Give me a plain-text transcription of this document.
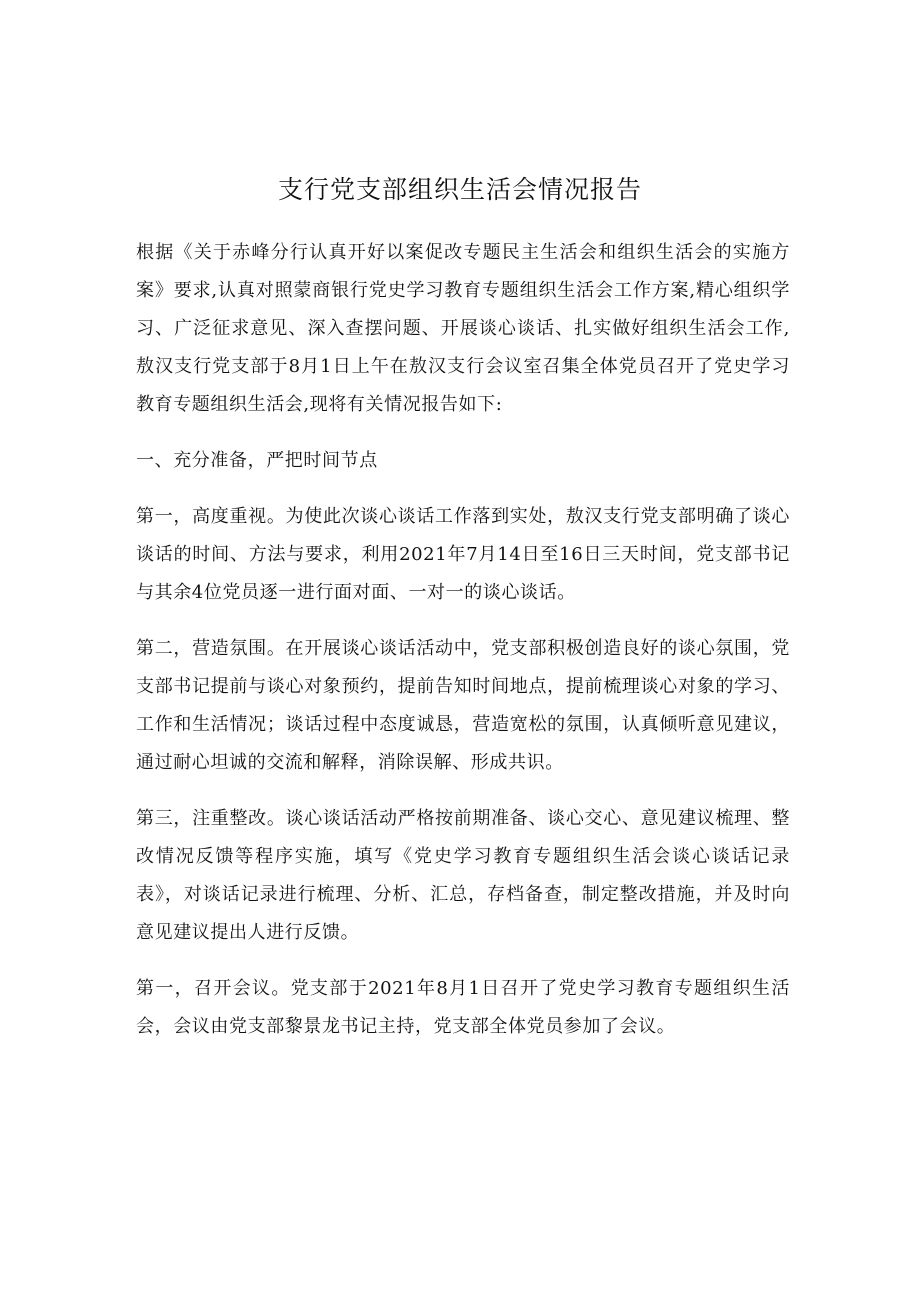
支行党支部组织生活会情况报告

根据《关于赤峰分行认真开好以案促改专题民主生活会和组织生活会的实施方案》要求,认真对照蒙商银行党史学习教育专题组织生活会工作方案,精心组织学习、广泛征求意见、深入查摆问题、开展谈心谈话、扎实做好组织生活会工作,敖汉支行党支部于8月1日上午在敖汉支行会议室召集全体党员召开了党史学习教育专题组织生活会,现将有关情况报告如下:

一、充分准备，严把时间节点

第一，高度重视。为使此次谈心谈话工作落到实处，敖汉支行党支部明确了谈心谈话的时间、方法与要求，利用2021年7月14日至16日三天时间，党支部书记与其余4位党员逐一进行面对面、一对一的谈心谈话。

第二，营造氛围。在开展谈心谈话活动中，党支部积极创造良好的谈心氛围，党支部书记提前与谈心对象预约，提前告知时间地点，提前梳理谈心对象的学习、工作和生活情况；谈话过程中态度诚恳，营造宽松的氛围，认真倾听意见建议，通过耐心坦诚的交流和解释，消除误解、形成共识。

第三，注重整改。谈心谈话活动严格按前期准备、谈心交心、意见建议梳理、整改情况反馈等程序实施，填写《党史学习教育专题组织生活会谈心谈话记录表》，对谈话记录进行梳理、分析、汇总，存档备查，制定整改措施，并及时向意见建议提出人进行反馈。

第一，召开会议。党支部于2021年8月1日召开了党史学习教育专题组织生活会，会议由党支部黎景龙书记主持，党支部全体党员参加了会议。
